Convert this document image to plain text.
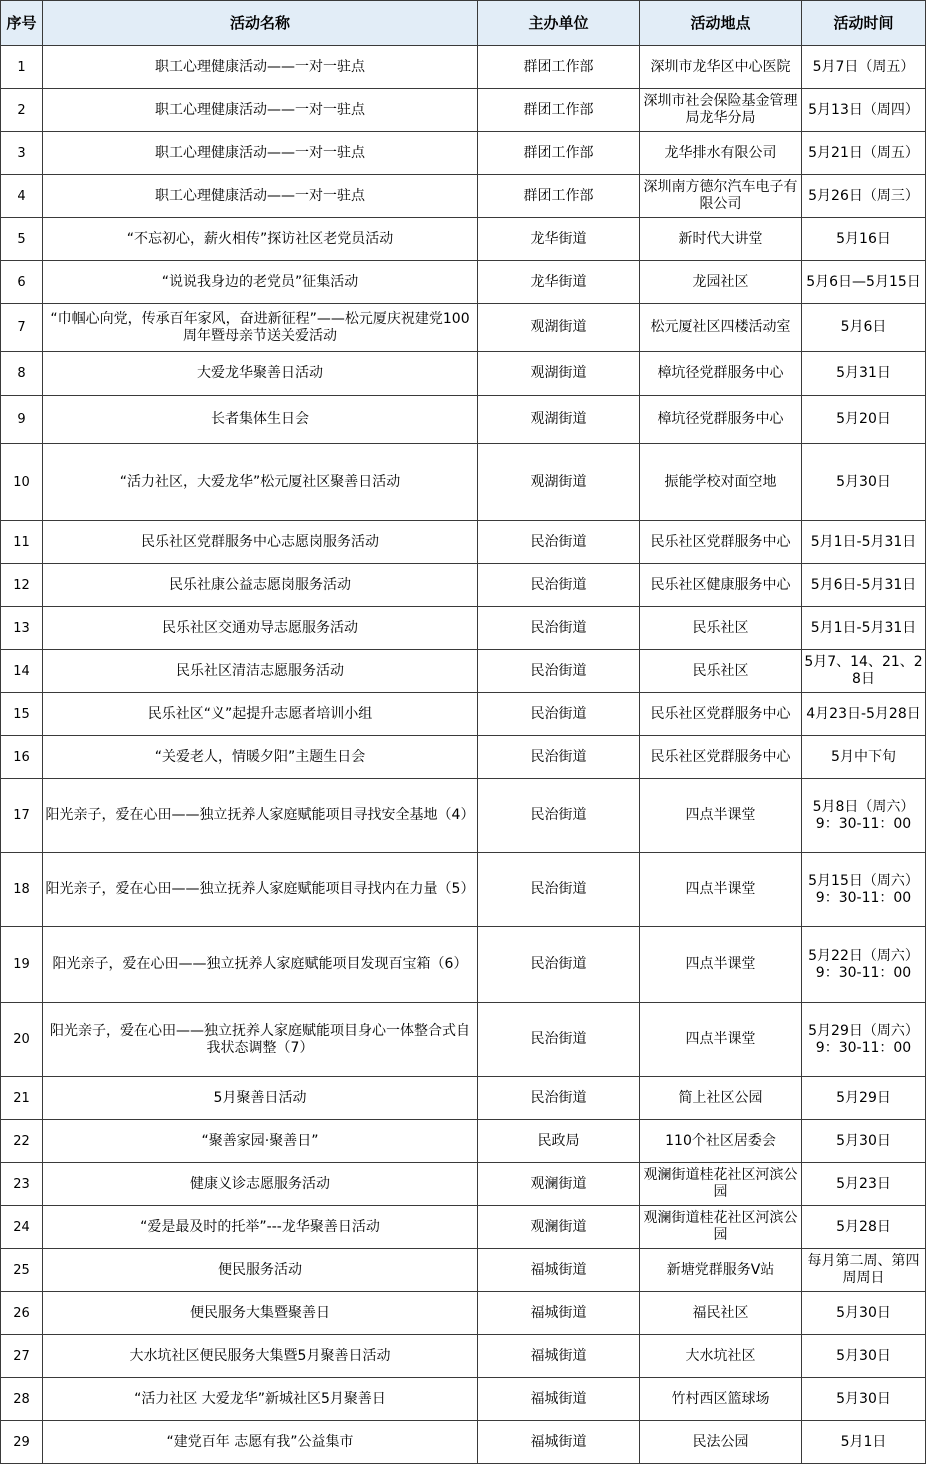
序号	活动名称	主办单位	活动地点	活动时间
1	职工心理健康活动——一对一驻点	群团工作部	深圳市龙华区中心医院	5月7日（周五）
2	职工心理健康活动——一对一驻点	群团工作部	深圳市社会保险基金管理局龙华分局	5月13日（周四）
3	职工心理健康活动——一对一驻点	群团工作部	龙华排水有限公司	5月21日（周五）
4	职工心理健康活动——一对一驻点	群团工作部	深圳南方德尔汽车电子有限公司	5月26日（周三）
5	“不忘初心，薪火相传”探访社区老党员活动	龙华街道	新时代大讲堂	5月16日
6	“说说我身边的老党员”征集活动	龙华街道	龙园社区	5月6日—5月15日
7	“巾帼心向党，传承百年家风，奋进新征程”——松元厦庆祝建党100周年暨母亲节送关爱活动	观湖街道	松元厦社区四楼活动室	5月6日
8	大爱龙华聚善日活动	观湖街道	樟坑径党群服务中心	5月31日
9	长者集体生日会	观湖街道	樟坑径党群服务中心	5月20日
10	“活力社区，大爱龙华”松元厦社区聚善日活动	观湖街道	振能学校对面空地	5月30日
11	民乐社区党群服务中心志愿岗服务活动	民治街道	民乐社区党群服务中心	5月1日-5月31日
12	民乐社康公益志愿岗服务活动	民治街道	民乐社区健康服务中心	5月6日-5月31日
13	民乐社区交通劝导志愿服务活动	民治街道	民乐社区	5月1日-5月31日
14	民乐社区清洁志愿服务活动	民治街道	民乐社区	5月7、14、21、28日
15	民乐社区“义”起提升志愿者培训小组	民治街道	民乐社区党群服务中心	4月23日-5月28日
16	“关爱老人，情暖夕阳”主题生日会	民治街道	民乐社区党群服务中心	5月中下旬
17	阳光亲子，爱在心田——独立抚养人家庭赋能项目寻找安全基地（4）	民治街道	四点半课堂	5月8日（周六）9：30-11：00
18	阳光亲子，爱在心田——独立抚养人家庭赋能项目寻找内在力量（5）	民治街道	四点半课堂	5月15日（周六）9：30-11：00
19	阳光亲子，爱在心田——独立抚养人家庭赋能项目发现百宝箱（6）	民治街道	四点半课堂	5月22日（周六）9：30-11：00
20	阳光亲子，爱在心田——独立抚养人家庭赋能项目身心一体整合式自我状态调整（7）	民治街道	四点半课堂	5月29日（周六）9：30-11：00
21	5月聚善日活动	民治街道	简上社区公园	5月29日
22	“聚善家园·聚善日”	民政局	110个社区居委会	5月30日
23	健康义诊志愿服务活动	观澜街道	观澜街道桂花社区河滨公园	5月23日
24	“爱是最及时的托举”---龙华聚善日活动	观澜街道	观澜街道桂花社区河滨公园	5月28日
25	便民服务活动	福城街道	新塘党群服务V站	每月第二周、第四周周日
26	便民服务大集暨聚善日	福城街道	福民社区	5月30日
27	大水坑社区便民服务大集暨5月聚善日活动	福城街道	大水坑社区	5月30日
28	“活力社区 大爱龙华”新城社区5月聚善日	福城街道	竹村西区篮球场	5月30日
29	“建党百年 志愿有我”公益集市	福城街道	民法公园	5月1日
